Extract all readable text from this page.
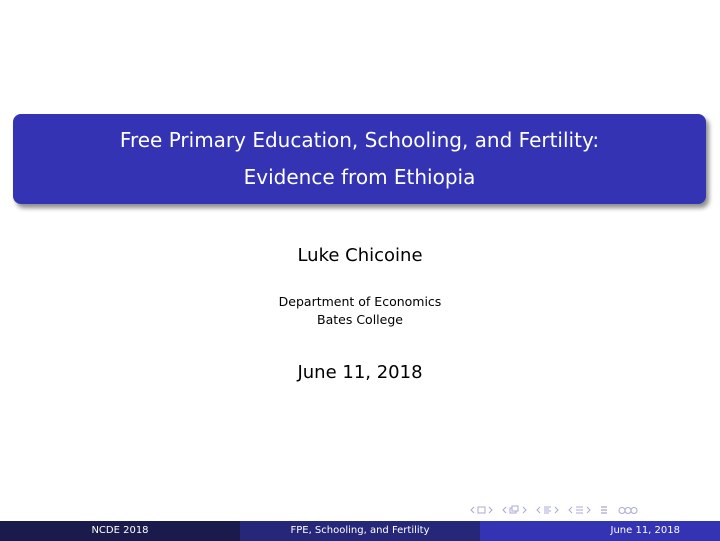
Free Primary Education, Schooling, and Fertility:
Evidence from Ethiopia
Luke Chicoine
Department of Economics
Bates College
June 11, 2018
NCDE 2018	FPE, Schooling, and Fertility	June 11, 2018
